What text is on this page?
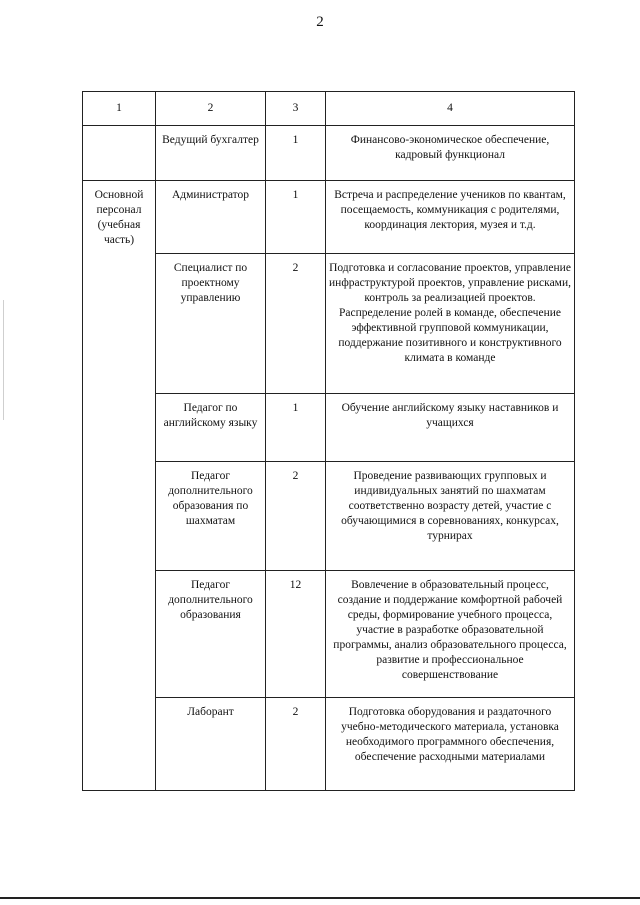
2
1	2	3	4
	Ведущий бухгалтер	1	Финансово-экономическое обеспечение, кадровый функционал
Основной персонал (учебная часть)	Администратор	1	Встреча и распределение учеников по квантам, посещаемость, коммуникация с родителями, координация лектория, музея и т.д.
	Специалист по проектному управлению	2	Подготовка и согласование проектов, управление инфраструктурой проектов, управление рисками, контроль за реализацией проектов. Распределение ролей в команде, обеспечение эффективной групповой коммуникации, поддержание позитивного и конструктивного климата в команде
	Педагог по английскому языку	1	Обучение английскому языку наставников и учащихся
	Педагог дополнительного образования по шахматам	2	Проведение развивающих групповых и индивидуальных занятий по шахматам соответственно возрасту детей, участие с обучающимися в соревнованиях, конкурсах, турнирах
	Педагог дополнительного образования	12	Вовлечение в образовательный процесс, создание и поддержание комфортной рабочей среды, формирование учебного процесса, участие в разработке образовательной программы, анализ образовательного процесса, развитие и профессиональное совершенствование
	Лаборант	2	Подготовка оборудования и раздаточного учебно-методического материала, установка необходимого программного обеспечения, обеспечение расходными материалами
